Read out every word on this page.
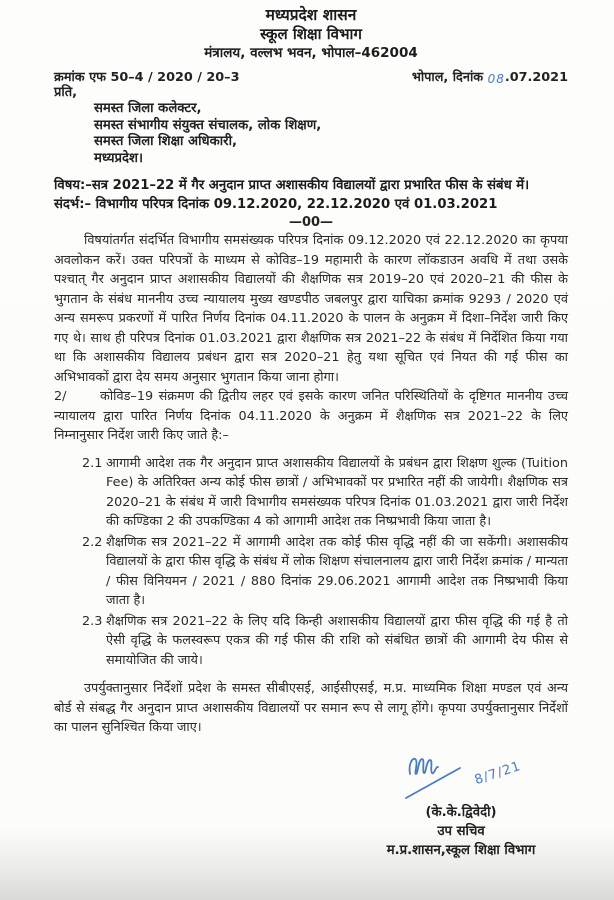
मध्यप्रदेश शासन
स्कूल शिक्षा विभाग
मंत्रालय, वल्लभ भवन, भोपाल–462004
क्रमांक एफ 50–4 / 2020 / 20–3	भोपाल, दिनांक 08.07.2021
प्रति,
समस्त जिला कलेक्टर,
समस्त संभागीय संयुक्त संचालक, लोक शिक्षण,
समस्त जिला शिक्षा अधिकारी,
मध्यप्रदेश।
विषय:–सत्र 2021–22 में गैर अनुदान प्राप्त अशासकीय विद्यालयों द्वारा प्रभारित फीस के संबंध में।
संदर्भ:– विभागीय परिपत्र दिनांक 09.12.2020, 22.12.2020 एवं 01.03.2021
—00—

विषयांतर्गत संदर्भित विभागीय समसंख्यक परिपत्र दिनांक 09.12.2020 एवं 22.12.2020 का कृपया अवलोकन करें। उक्त परिपत्रों के माध्यम से कोविड–19 महामारी के कारण लॉकडाउन अवधि में तथा उसके पश्चात् गैर अनुदान प्राप्त अशासकीय विद्यालयों की शैक्षणिक सत्र 2019–20 एवं 2020–21 की फीस के भुगतान के संबंध माननीय उच्च न्यायालय मुख्य खण्डपीठ जबलपुर द्वारा याचिका क्रमांक 9293 / 2020 एवं अन्य समरूप प्रकरणों में पारित निर्णय दिनांक 04.11.2020 के पालन के अनुक्रम में दिशा–निर्देश जारी किए गए थे। साथ ही परिपत्र दिनांक 01.03.2021 द्वारा शैक्षणिक सत्र 2021–22 के संबंध में निर्देशित किया गया था कि अशासकीय विद्यालय प्रबंधन द्वारा सत्र 2020–21 हेतु यथा सूचित एवं नियत की गई फीस का अभिभावकों द्वारा देय समय अनुसार भुगतान किया जाना होगा।

2/	कोविड–19 संक्रमण की द्वितीय लहर एवं इसके कारण जनित परिस्थितियों के दृष्टिगत माननीय उच्च न्यायालय द्वारा पारित निर्णय दिनांक 04.11.2020 के अनुक्रम में शैक्षणिक सत्र 2021–22 के लिए निम्नानुसार निर्देश जारी किए जाते है:–

2.1 आगामी आदेश तक गैर अनुदान प्राप्त अशासकीय विद्यालयों के प्रबंधन द्वारा शिक्षण शुल्क (Tuition Fee) के अतिरिक्त अन्य कोई फीस छात्रों / अभिभावकों पर प्रभारित नहीं की जायेगी। शैक्षणिक सत्र 2020–21 के संबंध में जारी विभागीय समसंख्यक परिपत्र दिनांक 01.03.2021 द्वारा जारी निर्देश की कण्डिका 2 की उपकण्डिका 4 को आगामी आदेश तक निष्प्रभावी किया जाता है।
2.2 शैक्षणिक सत्र 2021–22 में आगामी आदेश तक कोई फीस वृद्धि नहीं की जा सकेंगी। अशासकीय विद्यालयों के द्वारा फीस वृद्धि के संबंध में लोक शिक्षण संचालनालय द्वारा जारी निर्देश क्रमांक / मान्यता / फीस विनियमन / 2021 / 880 दिनांक 29.06.2021 आगामी आदेश तक निष्प्रभावी किया जाता है।
2.3 शैक्षणिक सत्र 2021–22 के लिए यदि किन्ही अशासकीय विद्यालयों द्वारा फीस वृद्धि की गई है तो ऐसी वृद्धि के फलस्वरूप एकत्र की गई फीस की राशि को संबंधित छात्रों की आगामी देय फीस से समायोजित की जाये।

उपर्युक्तानुसार निर्देशों प्रदेश के समस्त सीबीएसई, आईसीएसई, म.प्र. माध्यमिक शिक्षा मण्डल एवं अन्य बोर्ड से संबद्ध गैर अनुदान प्राप्त अशासकीय विद्यालयों पर समान रूप से लागू होंगे। कृपया उपर्युक्तानुसार निर्देशों का पालन सुनिश्चित किया जाए।

8/7/21
(के.के.द्विवेदी)
उप सचिव
म.प्र.शासन,स्कूल शिक्षा विभाग
